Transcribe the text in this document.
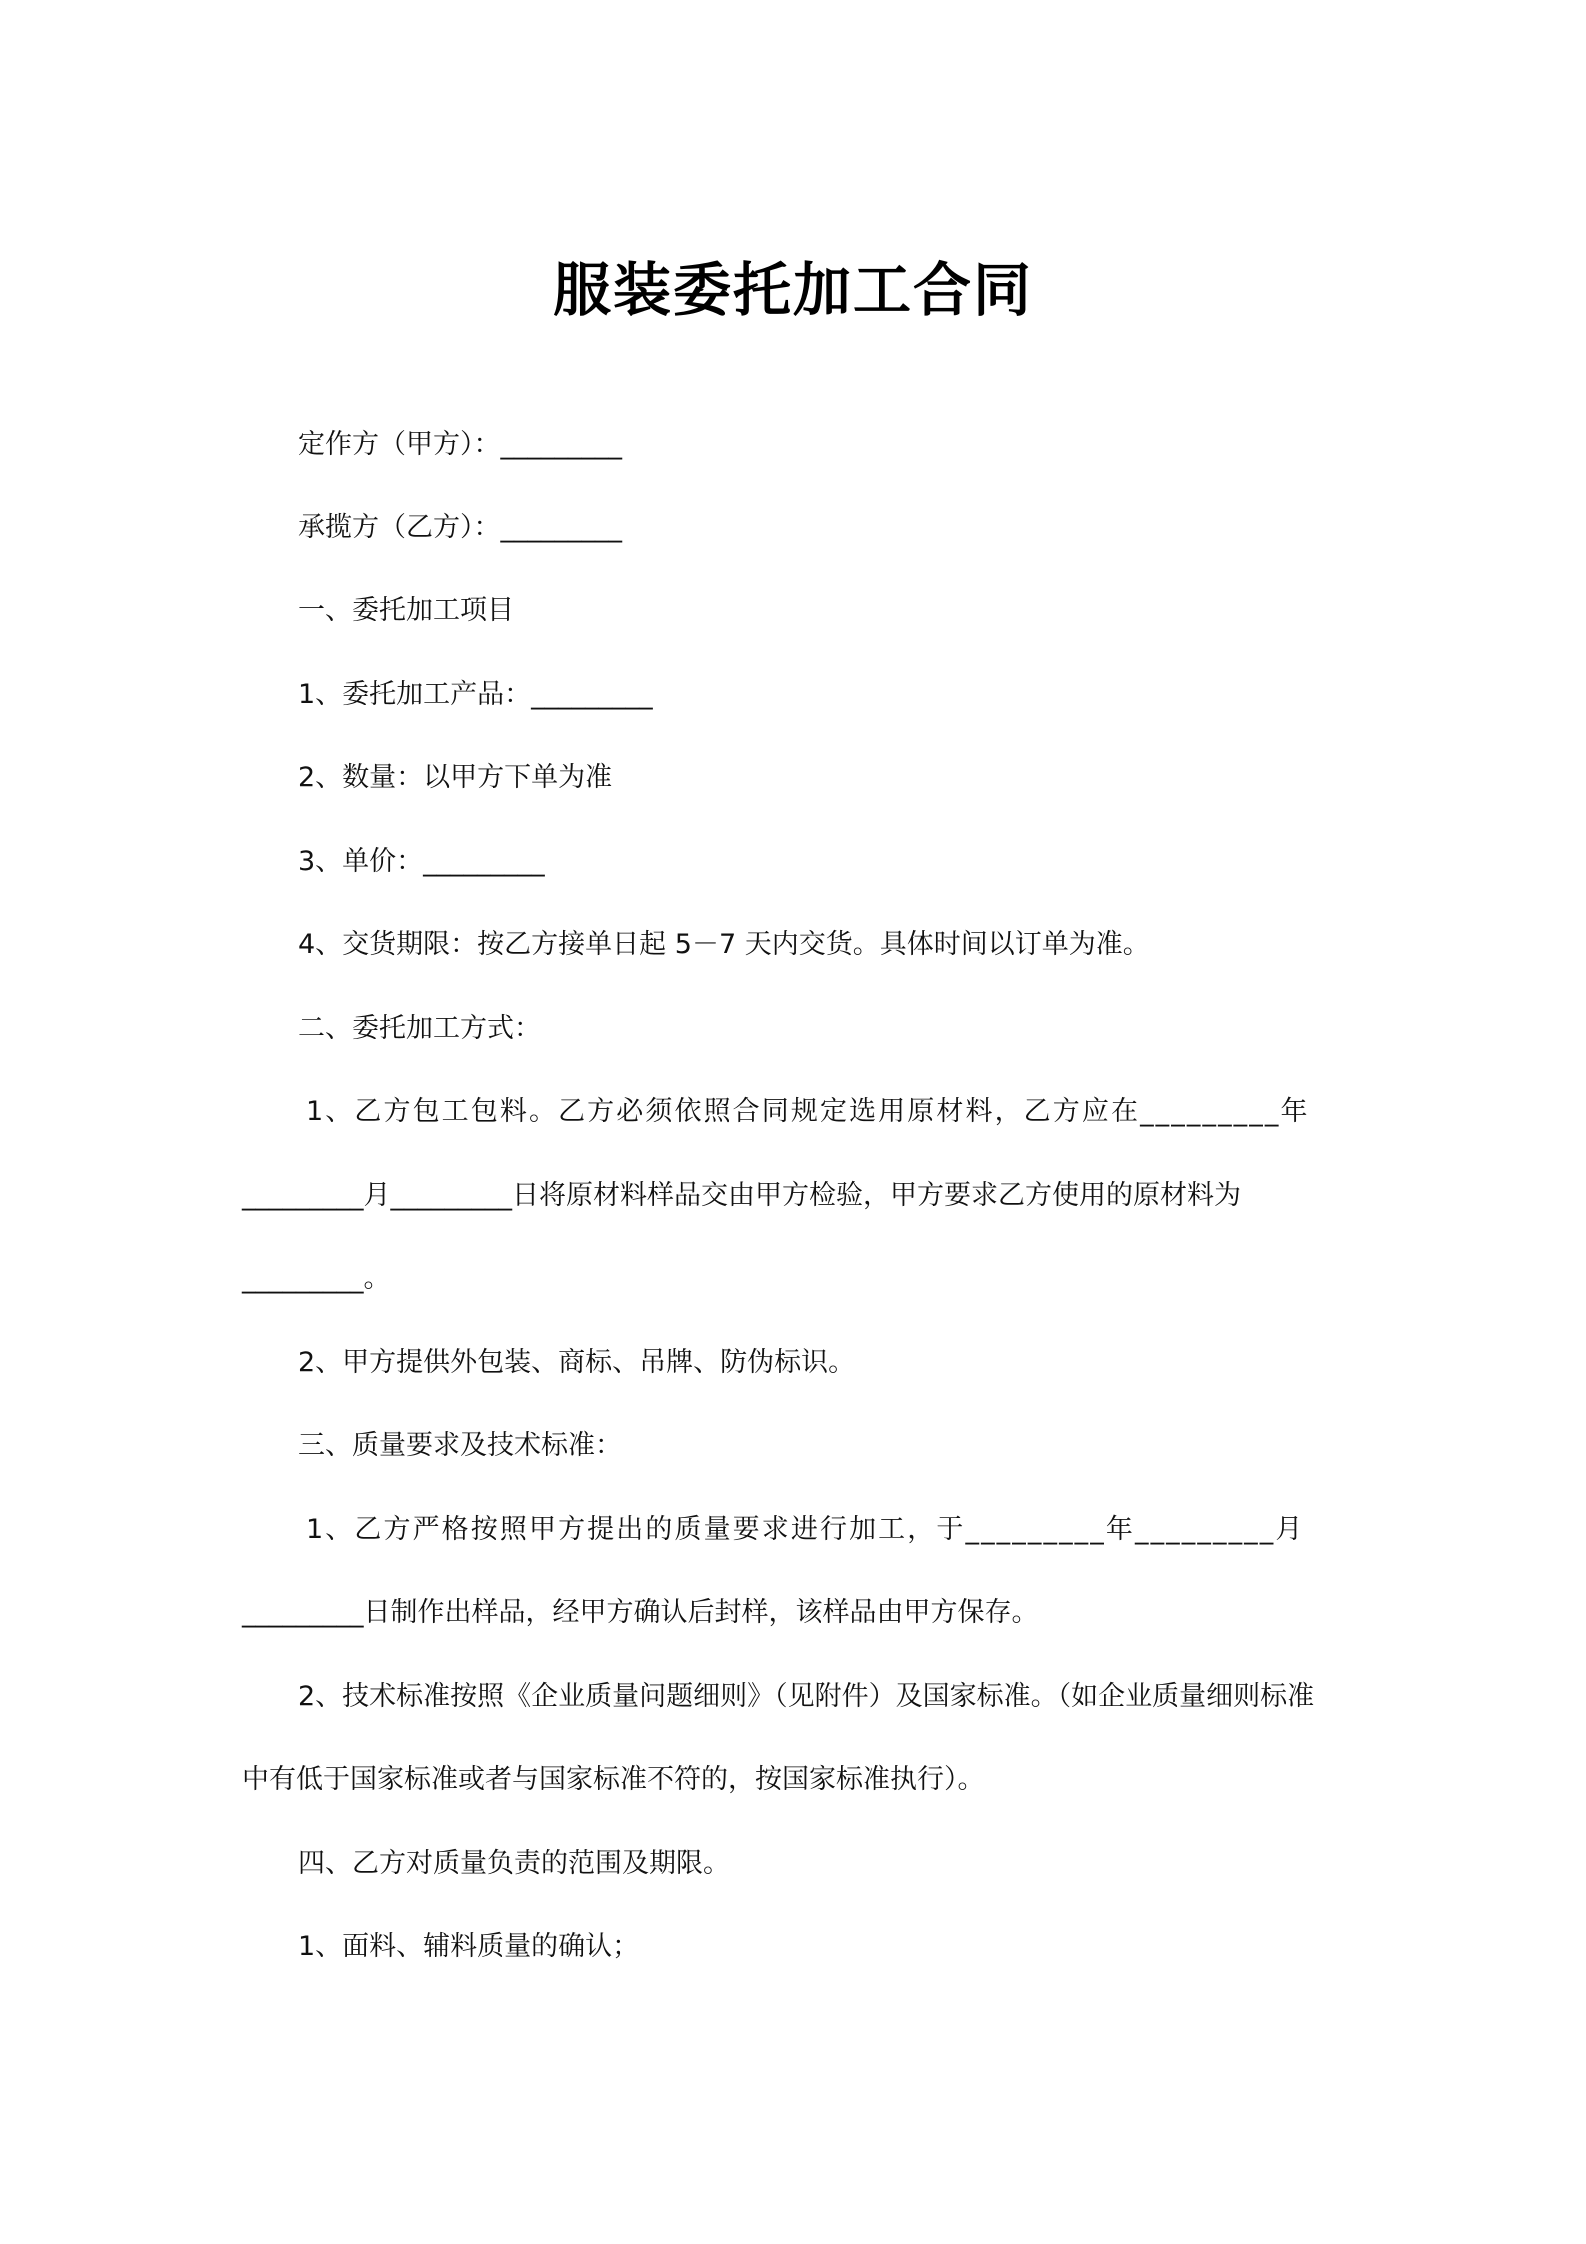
服装委托加工合同
定作方（甲方）：_________
承揽方（乙方）：_________
一、委托加工项目
1、委托加工产品：_________
2、数量：以甲方下单为准
3、单价：_________
4、交货期限：按乙方接单日起 5－7 天内交货。具体时间以订单为准。
二、委托加工方式：
1、乙方包工包料。乙方必须依照合同规定选用原材料，乙方应在_________年
_________月_________日将原材料样品交由甲方检验，甲方要求乙方使用的原材料为
_________。
2、甲方提供外包装、商标、吊牌、防伪标识。
三、质量要求及技术标准：
1、乙方严格按照甲方提出的质量要求进行加工，于_________年_________月
_________日制作出样品，经甲方确认后封样，该样品由甲方保存。
2、技术标准按照《企业质量问题细则》（见附件）及国家标准。（如企业质量细则标准
中有低于国家标准或者与国家标准不符的，按国家标准执行）。
四、乙方对质量负责的范围及期限。
1、面料、辅料质量的确认；
